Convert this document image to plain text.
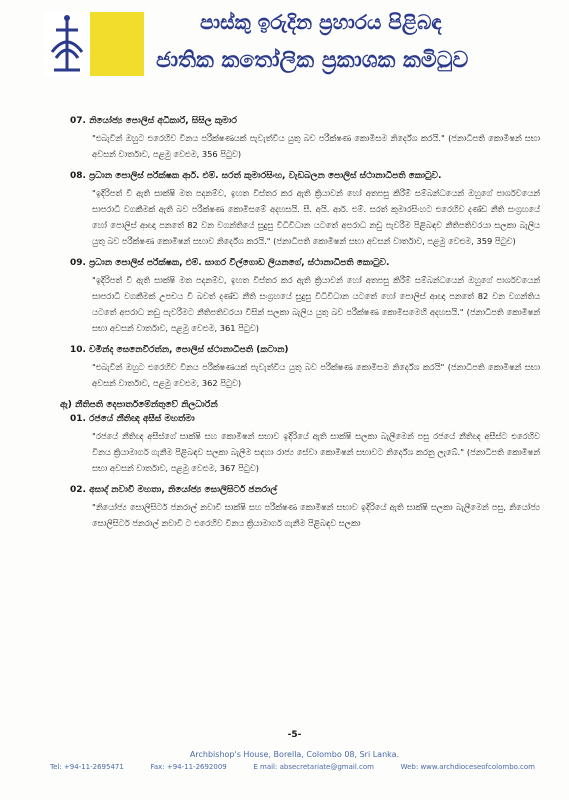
පාස්කු ඉරුදින ප්‍රහාරය පිළිබඳ
ජාතික කතෝලික ප්‍රකාශක කමිටුව
07. නියෝජ්‍ය පොලිස් අධිකාරී, සිසිල කුමාර

"එබැවින් ඔහුට එරෙහිව විනය පරීක්ෂණයක් පැවැත්විය යුතු බව පරීක්ෂණ කොමිසම නිර්දේශ කරයි." (ජනාධිපති කොමිෂන් සභා අවසන් වාර්තාව, පළමු වෙළුම, 356 පිටුව)

08. ප්‍රධාන පොලිස් පරීක්ෂක ආර්. එම්. සරත් කුමාරසිංහ, වැඩබලන පොලිස් ස්ථානාධිපති කොටුව.

"ඉදිරිපත් වී ඇති සාක්ෂි මත පදනම්ව, ඉහත විස්තර කර ඇති ක්‍රියාවන් හෝ අතපසු කිරීම් සම්බන්ධයෙන් ඔහුගේ පාර්ශවයෙන් සාපරාධී වගකීමක් ඇති බව පරීක්ෂණ කොමිසමේ අදහසයි. සී. අයි. ආර්. එම්. සරත් කුමාරසිංහට එරෙහිව දණ්ඩ නීති සංග්‍රහයේ හෝ පොලිස් ආඥා පනතේ 82 වන වගන්තියේ සුදුසු විධිවිධාන යටතේ අපරාධ නඩු පැවරීම පිළිබඳව නීතිපතිවරයා සලකා බැලිය යුතු බව පරීක්ෂණ කොමිෂන් සභාව නිර්දේශ කරයි." (ජනාධිපති කොමිෂන් සභා අවසන් වාර්තාව, පළමු වෙළුම, 359 පිටුව)

09. ප්‍රධාන පොලිස් පරීක්ෂක, එම්. සාගර විල්ගොඩ ලියනගේ, ස්ථානාධිපති කොටුව.

"ඉදිරිපත් වී ඇති සාක්ෂි මත පදනම්ව, ඉහත විස්තර කර ඇති ක්‍රියාවන් හෝ අතපසු කිරීම් සම්බන්ධයෙන් ඔහුගේ පාර්ශවයෙන් සාපරාධී වගකීමක් උපචය වී බවත් දණ්ඩ නීති සංග්‍රහයේ සුදුසු විධිවිධාන යටතේ හෝ පොලිස් ආඥා පනතේ 82 වන වගන්තිය යටතේ අපරාධ නඩු පැවරීමට නීතිපතිවරයා විසින් සලකා බැලිය යුතු බව පරීක්ෂණ කොමිසමෙහි අදහසයි." (ජනාධිපති කොමිෂන් සභා අවසන් වාර්තාව, පළමු වෙළුම, 361 පිටුව)

10. චමින්ද සෙනෙවිරත්න, පොලිස් ස්ථානාධිපති (කටාන)

"එබැවින් ඔහුට එරෙහිව විනය පරීක්ෂණයක් පැවැත්විය යුතු බව පරීක්ෂණ කොමිසම නිර්දේශ කරයි" (ජනාධිපති කොමිෂන් සභා අවසන් වාර්තාව, පළමු වෙළුම, 362 පිටුව)

ඇ) නීතිපති දෙපාර්තමේන්තුවේ නිලධාරීන්
01. රජයේ නීතිඥ අසීස් මහත්මා

"රජයේ නීතිඥ අසීස්ගේ සාක්ෂි සහ කොමිෂන් සභාව ඉදිරියේ ඇති සාක්ෂි සලකා බැලීමෙන් පසු රජයේ නීතිඥ අසීස්ට එරෙහිව විනය ක්‍රියාමාර්ග ගැනීම පිළිබඳව සලකා බැලීම සඳහා රාජ්‍ය සේවා කොමිෂන් සභාවට නිර්දේශ කරනු ලැබේ." (ජනාධිපති කොමිෂන් සභා අවසන් වාර්තාව, පළමු වෙළුම, 367 පිටුව)

02. අසාද් නවාවී මහතා, නියෝජ්‍ය සොලිසිටර් ජනරාල්

"නියෝජ්‍ය සොලිසිටර් ජනරාල් නවාවී සාක්ෂි සහ පරීක්ෂණ කොමිෂන් සභාව ඉදිරියේ ඇති සාක්ෂි සලකා බැලීමෙන් පසු, නියෝජ්‍ය සොලිසිටර් ජනරාල් නවාවී ට එරෙහිව විනය ක්‍රියාමාර්ග ගැනීම පිළිබඳව සලකා

-5-
Archbishop's House, Borella, Colombo 08, Sri Lanka.
Tel: +94-11-2695471	Fax: +94-11-2692009	E mail: absecretariate@gmail.com	Web: www.archdioceseofcolombo.com
